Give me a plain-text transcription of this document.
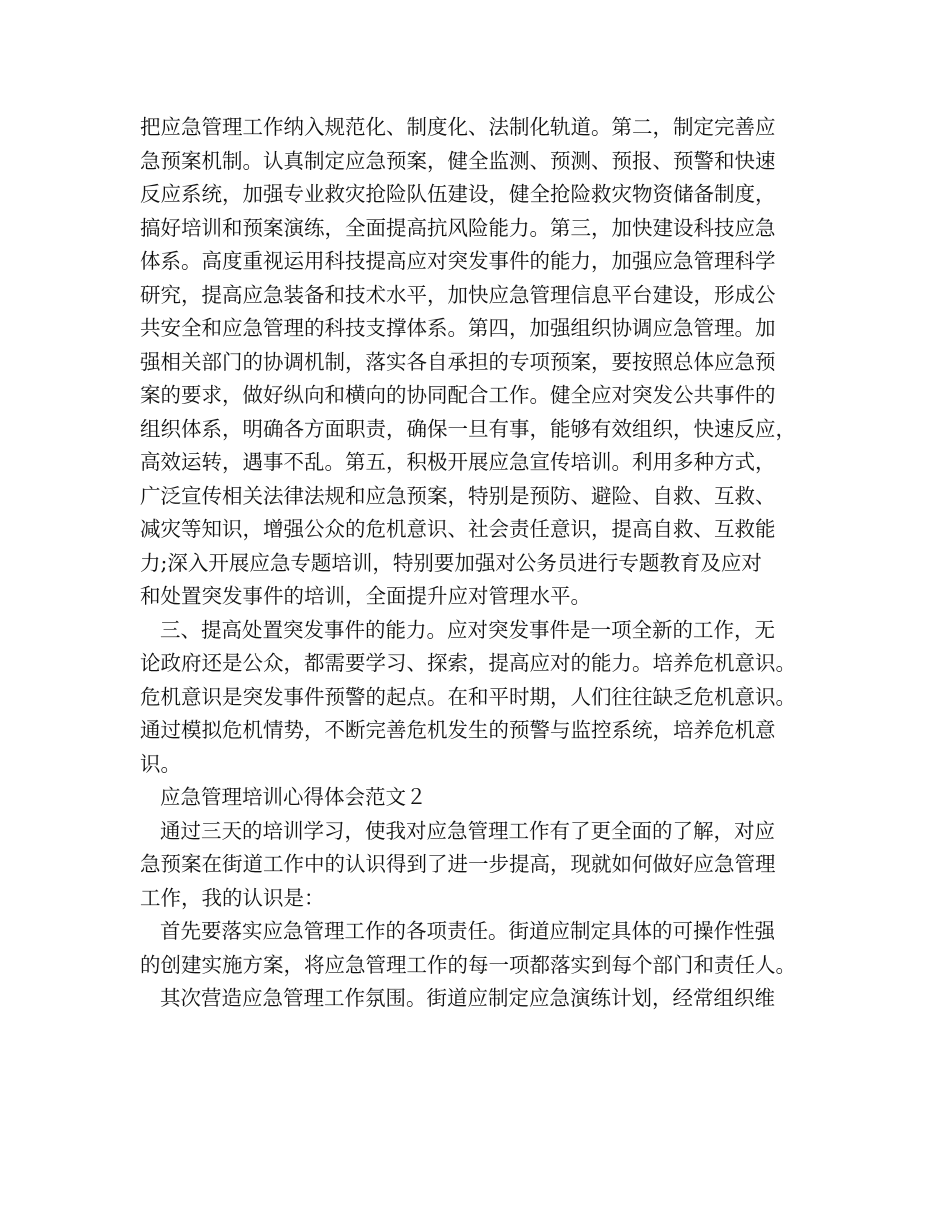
把应急管理工作纳入规范化、制度化、法制化轨道。第二，制定完善应
急预案机制。认真制定应急预案，健全监测、预测、预报、预警和快速
反应系统，加强专业救灾抢险队伍建设，健全抢险救灾物资储备制度，
搞好培训和预案演练，全面提高抗风险能力。第三，加快建设科技应急
体系。高度重视运用科技提高应对突发事件的能力，加强应急管理科学
研究，提高应急装备和技术水平，加快应急管理信息平台建设，形成公
共安全和应急管理的科技支撑体系。第四，加强组织协调应急管理。加
强相关部门的协调机制，落实各自承担的专项预案，要按照总体应急预
案的要求，做好纵向和横向的协同配合工作。健全应对突发公共事件的
组织体系，明确各方面职责，确保一旦有事，能够有效组织，快速反应，
高效运转，遇事不乱。第五，积极开展应急宣传培训。利用多种方式，
广泛宣传相关法律法规和应急预案，特别是预防、避险、自救、互救、
减灾等知识，增强公众的危机意识、社会责任意识，提高自救、互救能
力;深入开展应急专题培训，特别要加强对公务员进行专题教育及应对
和处置突发事件的培训，全面提升应对管理水平。
三、提高处置突发事件的能力。应对突发事件是一项全新的工作，无
论政府还是公众，都需要学习、探索，提高应对的能力。培养危机意识。
危机意识是突发事件预警的起点。在和平时期，人们往往缺乏危机意识。
通过模拟危机情势，不断完善危机发生的预警与监控系统，培养危机意
识。
应急管理培训心得体会范文２
通过三天的培训学习，使我对应急管理工作有了更全面的了解，对应
急预案在街道工作中的认识得到了进一步提高，现就如何做好应急管理
工作，我的认识是：
首先要落实应急管理工作的各项责任。街道应制定具体的可操作性强
的创建实施方案，将应急管理工作的每一项都落实到每个部门和责任人。
其次营造应急管理工作氛围。街道应制定应急演练计划，经常组织维
